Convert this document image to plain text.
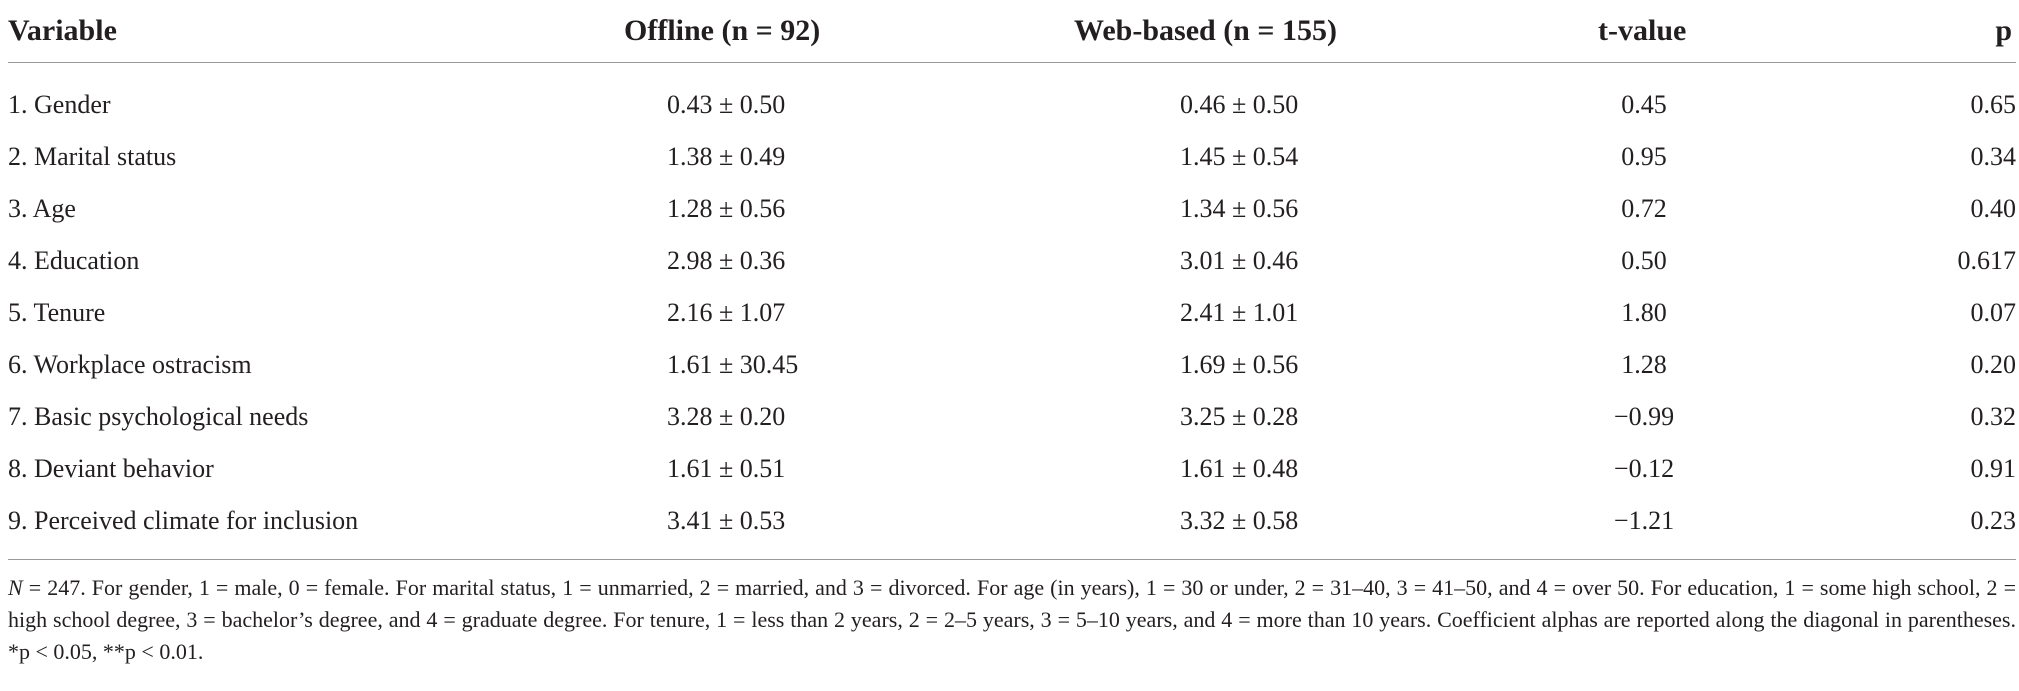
Variable	Offline (n = 92)	Web-based (n = 155)	t-value	p
1. Gender	0.43 ± 0.50	0.46 ± 0.50	0.45	0.65
2. Marital status	1.38 ± 0.49	1.45 ± 0.54	0.95	0.34
3. Age	1.28 ± 0.56	1.34 ± 0.56	0.72	0.40
4. Education	2.98 ± 0.36	3.01 ± 0.46	0.50	0.617
5. Tenure	2.16 ± 1.07	2.41 ± 1.01	1.80	0.07
6. Workplace ostracism	1.61 ± 30.45	1.69 ± 0.56	1.28	0.20
7. Basic psychological needs	3.28 ± 0.20	3.25 ± 0.28	−0.99	0.32
8. Deviant behavior	1.61 ± 0.51	1.61 ± 0.48	−0.12	0.91
9. Perceived climate for inclusion	3.41 ± 0.53	3.32 ± 0.58	−1.21	0.23

N = 247. For gender, 1 = male, 0 = female. For marital status, 1 = unmarried, 2 = married, and 3 = divorced. For age (in years), 1 = 30 or under, 2 = 31–40, 3 = 41–50, and 4 = over 50. For education, 1 = some high school, 2 = high school degree, 3 = bachelor’s degree, and 4 = graduate degree. For tenure, 1 = less than 2 years, 2 = 2–5 years, 3 = 5–10 years, and 4 = more than 10 years. Coefficient alphas are reported along the diagonal in parentheses. *p < 0.05, **p < 0.01.
